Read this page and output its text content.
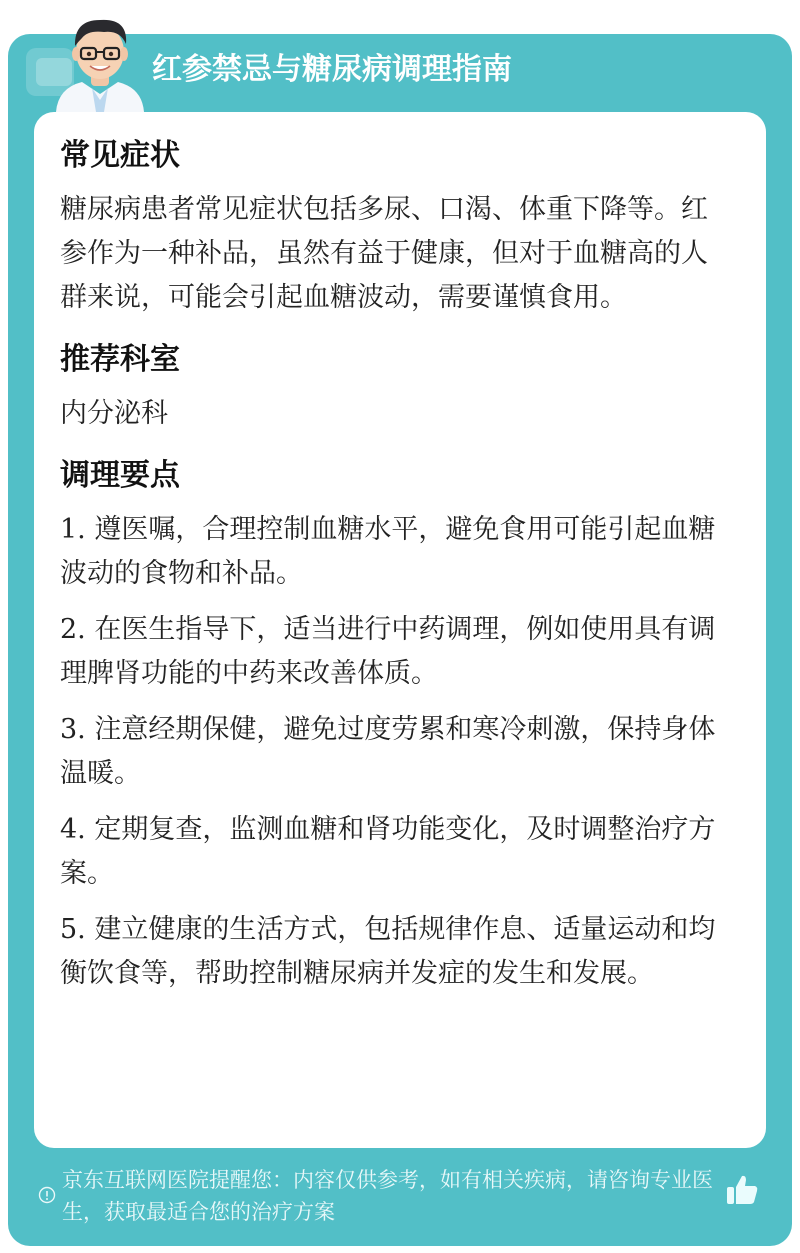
红参禁忌与糖尿病调理指南
常见症状

糖尿病患者常见症状包括多尿、口渴、体重下降等。红参作为一种补品，虽然有益于健康，但对于血糖高的人群来说，可能会引起血糖波动，需要谨慎食用。

推荐科室

内分泌科

调理要点

1. 遵医嘱，合理控制血糖水平，避免食用可能引起血糖波动的食物和补品。

2. 在医生指导下，适当进行中药调理，例如使用具有调理脾肾功能的中药来改善体质。

3. 注意经期保健，避免过度劳累和寒冷刺激，保持身体温暖。

4. 定期复查，监测血糖和肾功能变化，及时调整治疗方案。

5. 建立健康的生活方式，包括规律作息、适量运动和均衡饮食等，帮助控制糖尿病并发症的发生和发展。

京东互联网医院提醒您：内容仅供参考，如有相关疾病，请咨询专业医生，获取最适合您的治疗方案
